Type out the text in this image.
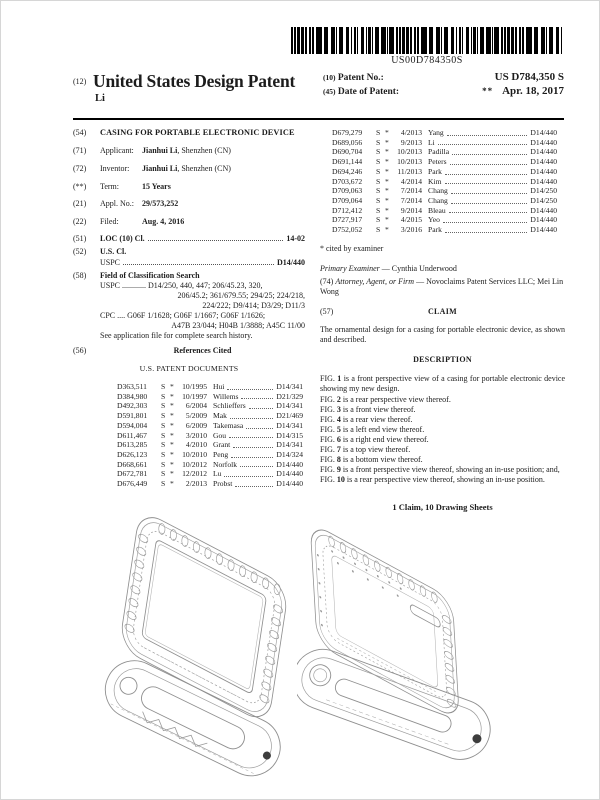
US00D784350S
(12) United States Design Patent
Li
(10) Patent No.:	US D784,350 S
(45) Date of Patent:	** Apr. 18, 2017
(54)	CASING FOR PORTABLE ELECTRONIC DEVICE
(71)	Applicant: Jianhui Li, Shenzhen (CN)
(72)	Inventor: Jianhui Li, Shenzhen (CN)
(**)	Term:	15 Years
(21)	Appl. No.: 29/573,252
(22)	Filed:	Aug. 4, 2016
(51)	LOC (10) Cl.	14-02
(52)	U.S. Cl.
USPC	D14/440
(58)	Field of Classification Search
USPC ............ D14/250, 440, 447; 206/45.23, 320,
206/45.2; 361/679.55; 294/25; 224/218,
224/222; D9/414; D3/29; D11/3
CPC .... G06F 1/1628; G06F 1/1667; G06F 1/1626;
A47B 23/044; H04B 1/3888; A45C 11/00
See application file for complete search history.
(56)	References Cited
U.S. PATENT DOCUMENTS
D363,511	S *	10/1995 Hui	D14/341
D384,980	S *	10/1997 Willems	D21/329
D492,303	S *	6/2004 Schlieffers	D14/341
D591,801	S *	5/2009 Mak	D21/469
D594,004	S *	6/2009 Takemasa	D14/341
D611,467	S *	3/2010 Gou	D14/315
D613,285	S *	4/2010 Grant	D14/341
D626,123	S *	10/2010 Peng	D14/324
D668,661	S *	10/2012 Norfolk	D14/440
D672,781	S *	12/2012 Lu	D14/440
D676,449	S *	2/2013 Probst	D14/440
D679,279	S *	4/2013 Yang	D14/440
D689,056	S *	9/2013 Li	D14/440
D690,704	S *	10/2013 Padilla	D14/440
D691,144	S *	10/2013 Peters	D14/440
D694,246	S *	11/2013 Park	D14/440
D703,672	S *	4/2014 Kim	D14/440
D709,063	S *	7/2014 Chang	D14/250
D709,064	S *	7/2014 Chang	D14/250
D712,412	S *	9/2014 Bleau	D14/440
D727,917	S *	4/2015 Yeo	D14/440
D752,052	S *	3/2016 Park	D14/440
* cited by examiner
Primary Examiner — Cynthia Underwood
(74) Attorney, Agent, or Firm — Novoclaims Patent Services LLC; Mei Lin Wong
(57)	CLAIM
The ornamental design for a casing for portable electronic device, as shown and described.
DESCRIPTION
FIG. 1 is a front perspective view of a casing for portable electronic device showing my new design.
FIG. 2 is a rear perspective view thereof.
FIG. 3 is a front view thereof.
FIG. 4 is a rear view thereof.
FIG. 5 is a left end view thereof.
FIG. 6 is a right end view thereof.
FIG. 7 is a top view thereof.
FIG. 8 is a bottom view thereof.
FIG. 9 is a front perspective view thereof, showing an in-use position; and,
FIG. 10 is a rear perspective view thereof, showing an in-use position.
1 Claim, 10 Drawing Sheets
